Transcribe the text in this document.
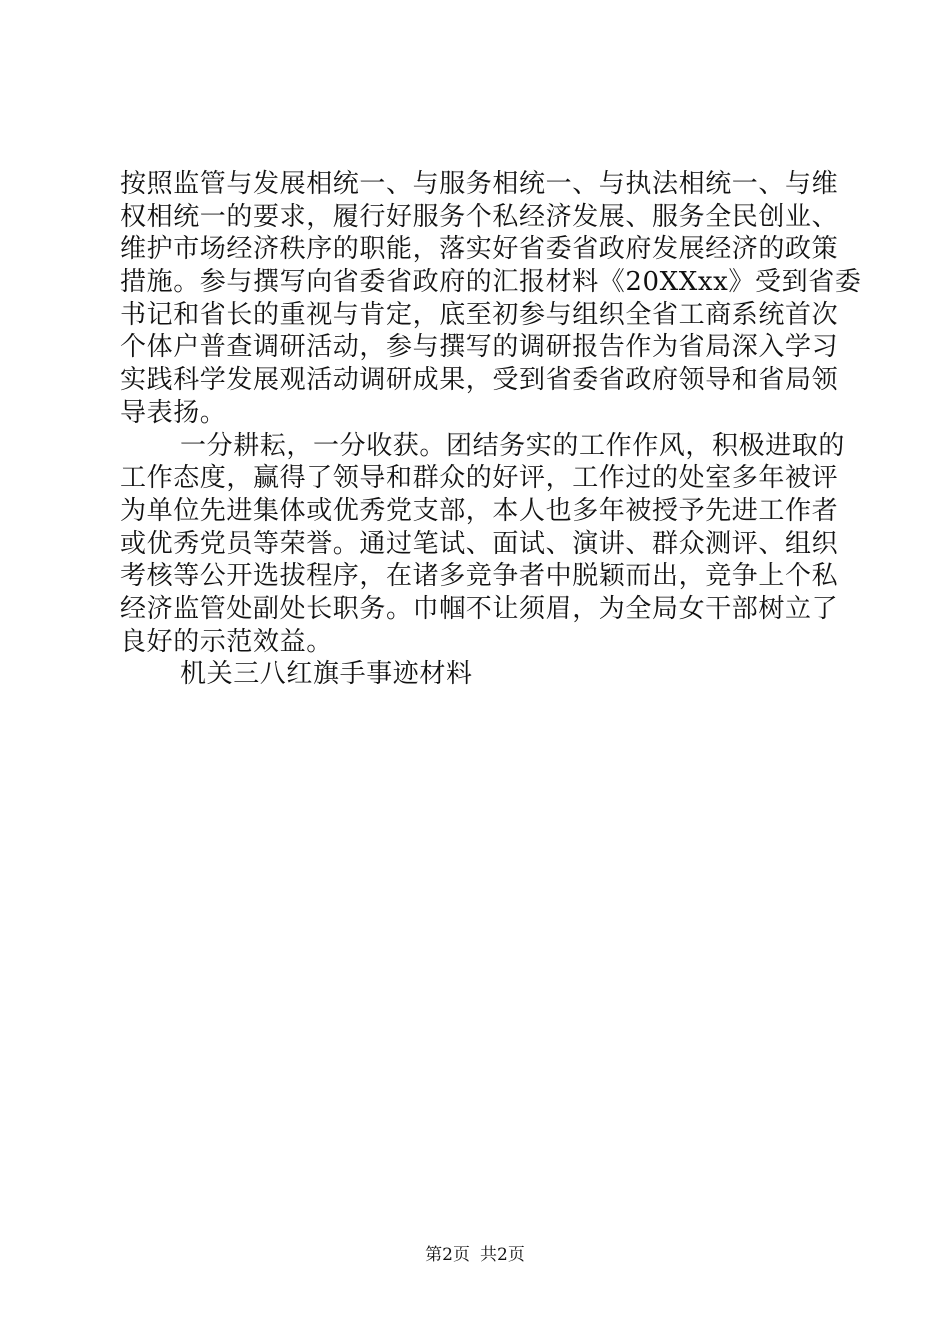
按照监管与发展相统一、与服务相统一、与执法相统一、与维
权相统一的要求，履行好服务个私经济发展、服务全民创业、
维护市场经济秩序的职能，落实好省委省政府发展经济的政策
措施。参与撰写向省委省政府的汇报材料《20XXxx》受到省委
书记和省长的重视与肯定，底至初参与组织全省工商系统首次
个体户普查调研活动，参与撰写的调研报告作为省局深入学习
实践科学发展观活动调研成果，受到省委省政府领导和省局领
导表扬。
一分耕耘，一分收获。团结务实的工作作风，积极进取的
工作态度，赢得了领导和群众的好评，工作过的处室多年被评
为单位先进集体或优秀党支部，本人也多年被授予先进工作者
或优秀党员等荣誉。通过笔试、面试、演讲、群众测评、组织
考核等公开选拔程序，在诸多竞争者中脱颖而出，竞争上个私
经济监管处副处长职务。巾帼不让须眉，为全局女干部树立了
良好的示范效益。
机关三八红旗手事迹材料
第2页 共2页
